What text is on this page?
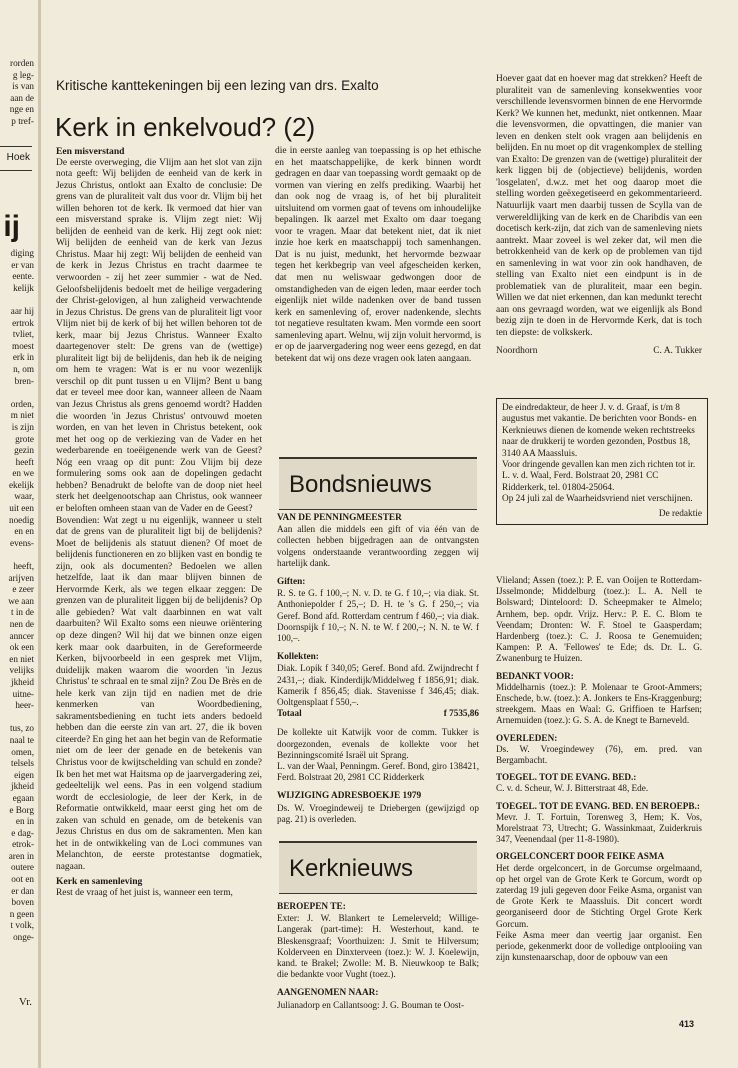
rorden
g leg-
is van
aan de
nge en
p tref-
Hoek
ij
diging
er van
eente.
kelijk

aar hij
ertrok
tvliet,
moest
erk in
n, om
bren-

orden,
m niet
is zijn
grote
gezin
heeft
en we
ekelijk
waar,
uit een
noedig
en en
evens-

heeft,
arijven
e zeer
we aan
t in de
nen de
anncer
ok een
en niet
velijks
jkheid
uitne-
heer-

tus, zo
naal te
omen,
telsels
eigen
jkheid
egaan
e Borg
en in
e dag-
etrok-
aren in
outere
oot en
er dan
boven
n geen
t volk,
onge-
Vr.
Kritische kanttekeningen bij een lezing van drs. Exalto
Kerk in enkelvoud? (2)

Een misverstand

De eerste overweging, die Vlijm aan het slot van zijn nota geeft: Wij belijden de eenheid van de kerk in Jezus Christus, ontlokt aan Exalto de conclusie: De grens van de pluraliteit valt dus voor dr. Vlijm bij het willen behoren tot de kerk. Ik vermoed dat hier van een misverstand sprake is. Vlijm zegt niet: Wij belijden de eenheid van de kerk. Hij zegt ook niet: Wij belijden de eenheid van de kerk van Jezus Christus. Maar hij zegt: Wij belijden de eenheid van de kerk in Jezus Christus en tracht daarmee te verwoorden - zij het zeer summier - wat de Ned. Geloofsbelijdenis bedoelt met de heilige vergadering der Christ-gelovigen, al hun zaligheid verwachtende in Jezus Christus. De grens van de pluraliteit ligt voor Vlijm niet bij de kerk of bij het willen behoren tot de kerk, maar bij Jezus Christus. Wanneer Exalto daartegenover stelt: De grens van de (wettige) pluraliteit ligt bij de belijdenis, dan heb ik de neiging om hem te vragen: Wat is er nu voor wezenlijk verschil op dit punt tussen u en Vlijm? Bent u bang dat er teveel mee door kan, wanneer alleen de Naam van Jezus Christus als grens genoemd wordt? Hadden die woorden 'in Jezus Christus' ontvouwd moeten worden, en van het leven in Christus betekent, ook met het oog op de verkiezing van de Vader en het wederbarende en toeëigenende werk van de Geest? Nóg een vraag op dit punt: Zou Vlijm bij deze formulering soms ook aan de dopelingen gedacht hebben? Benadrukt de belofte van de doop niet heel sterk het deelgenootschap aan Christus, ook wanneer er beloften omheen staan van de Vader en de Geest?

Bovendien: Wat zegt u nu eigenlijk, wanneer u stelt dat de grens van de pluraliteit ligt bij de belijdenis? Moet de belijdenis als statuut dienen? Of moet de belijdenis functioneren en zo blijken vast en bondig te zijn, ook als documenten? Bedoelen we allen hetzelfde, laat ik dan maar blijven binnen de Hervormde Kerk, als we tegen elkaar zeggen: De grenzen van de pluraliteit liggen bij de belijdenis? Op alle gebieden? Wat valt daarbinnen en wat valt daarbuiten? Wil Exalto soms een nieuwe oriëntering op deze dingen? Wil hij dat we binnen onze eigen kerk maar ook daarbuiten, in de Gereformeerde Kerken, bijvoorbeeld in een gesprek met Vlijm, duidelijk maken waarom die woorden 'in Jezus Christus' te schraal en te smal zijn? Zou De Brès en de hele kerk van zijn tijd en nadien met de drie kenmerken van Woordbediening, sakramentsbediening en tucht iets anders bedoeld hebben dan die eerste zin van art. 27, die ik boven citeerde? En ging het aan het begin van de Reformatie niet om de leer der genade en de betekenis van Christus voor de kwijtschelding van schuld en zonde? Ik ben het met wat Haitsma op de jaarvergadering zei, gedeeltelijk wel eens. Pas in een volgend stadium wordt de ecclesiologie, de leer der Kerk, in de Reformatie ontwikkeld, maar eerst ging het om de zaken van schuld en genade, om de betekenis van Jezus Christus en dus om de sakramenten. Men kan het in de ontwikkeling van de Loci communes van Melanchton, de eerste protestantse dogmatiek, nagaan.

Kerk en samenleving

Rest de vraag of het juist is, wanneer een term,

die in eerste aanleg van toepassing is op het ethische en het maatschappelijke, de kerk binnen wordt gedragen en daar van toepassing wordt gemaakt op de vormen van viering en zelfs prediking. Waarbij het dan ook nog de vraag is, of het bij pluraliteit uitsluitend om vormen gaat of tevens om inhoudelijke bepalingen. Ik aarzel met Exalto om daar toegang voor te vragen. Maar dat betekent niet, dat ik niet inzie hoe kerk en maatschappij toch samenhangen. Dat is nu juist, medunkt, het hervormde bezwaar tegen het kerkbegrip van veel afgescheiden kerken, dat men nu weliswaar gedwongen door de omstandigheden van de eigen leden, maar eerder toch eigenlijk niet wilde nadenken over de band tussen kerk en samenleving of, erover nadenkende, slechts tot negatieve resultaten kwam. Men vormde een soort samenleving apart. Welnu, wij zijn voluit hervormd, is er op de jaarvergadering nog weer eens gezegd, en dat betekent dat wij ons deze vragen ook laten aangaan.

Hoever gaat dat en hoever mag dat strekken? Heeft de pluraliteit van de samenleving konsekwenties voor verschillende levensvormen binnen de ene Hervormde Kerk? We kunnen het, medunkt, niet ontkennen. Maar die levensvormen, die opvattingen, die manier van leven en denken stelt ook vragen aan belijdenis en belijden. En nu moet op dit vragenkomplex de stelling van Exalto: De grenzen van de (wettige) pluraliteit der kerk liggen bij de (objectieve) belijdenis, worden 'losgelaten', d.w.z. met het oog daarop moet die stelling worden geëxegetiseerd en gekommentarieerd. Natuurlijk vaart men daarbij tussen de Scylla van de verwereldlijking van de kerk en de Charibdis van een docetisch kerk-zijn, dat zich van de samenleving niets aantrekt. Maar zoveel is wel zeker dat, wil men die betrokkenheid van de kerk op de problemen van tijd en samenleving in wat voor zin ook handhaven, de stelling van Exalto niet een eindpunt is in de problematiek van de pluraliteit, maar een begin. Willen we dat niet erkennen, dan kan medunkt terecht aan ons gevraagd worden, wat we eigenlijk als Bond bezig zijn te doen in de Hervormde Kerk, dat is toch ten diepste: de volkskerk.

Noordhorn	C. A. Tukker

De eindredakteur, de heer J. v. d. Graaf, is t/m 8 augustus met vakantie. De berichten voor Bonds- en Kerknieuws dienen de komende weken rechtstreeks naar de drukkerij te worden gezonden, Postbus 18, 3140 AA Maassluis.

Voor dringende gevallen kan men zich richten tot ir. L. v. d. Waal, Ferd. Bolstraat 20, 2981 CC Ridderkerk, tel. 01804-25064.

Op 24 juli zal de Waarheidsvriend niet verschijnen.

De redaktie
Bondsnieuws

VAN DE PENNINGMEESTER

Aan allen die middels een gift of via één van de collecten hebben bijgedragen aan de ontvangsten volgens onderstaande verantwoording zeggen wij hartelijk dank.

Giften:

R. S. te G. f 100,–; N. v. D. te G. f 10,–; via diak. St. Anthoniepolder f 25,–; D. H. te 's G. f 250,–; via Geref. Bond afd. Rotterdam centrum f 460,–; via diak. Doornspijk f 10,–; N. N. te W. f 200,–; N. N. te W. f 100,–.

Kollekten:

Diak. Lopik f 340,05; Geref. Bond afd. Zwijndrecht f 2431,–; diak. Kinderdijk/Middelweg f 1856,91; diak. Kamerik f 856,45; diak. Stavenisse f 346,45; diak. Ooltgensplaat f 550,–.

Totaal	f 7535,86

De kollekte uit Katwijk voor de comm. Tukker is doorgezonden, evenals de kollekte voor het Bezinningscomité Israël uit Sprang.

L. van der Waal, Penningm. Geref. Bond, giro 138421, Ferd. Bolstraat 20, 2981 CC Ridderkerk

WIJZIGING ADRESBOEKJE 1979

Ds. W. Vroegindeweij te Driebergen (gewijzigd op pag. 21) is overleden.

Kerknieuws

BEROEPEN TE:

Exter: J. W. Blankert te Lemelerveld; Willige-Langerak (part-time): H. Westerhout, kand. te Bleskensgraaf; Voorthuizen: J. Smit te Hilversum; Kolderveen en Dinxterveen (toez.): W. J. Koelewijn, kand. te Brakel; Zwolle: M. B. Nieuwkoop te Balk; die bedankte voor Vught (toez.).

AANGENOMEN NAAR:

Julianadorp en Callantsoog: J. G. Bouman te Oost-

Vlieland; Assen (toez.): P. E. van Ooijen te Rotterdam-IJsselmonde; Middelburg (toez.): L. A. Nell te Bolsward; Dinteloord: D. Scheepmaker te Almelo; Arnhem, bep. opdr. Vrijz. Herv.: P. E. C. Blom te Veendam; Dronten: W. F. Stoel te Gaasperdam; Hardenberg (toez.): C. J. Roosa te Genemuiden; Kampen: P. A. 'Fellowes' te Ede; ds. Dr. L. G. Zwanenburg te Huizen.

BEDANKT VOOR:

Middelharnis (toez.): P. Molenaar te Groot-Ammers; Enschede, b.w. (toez.): A. Jonkers te Ens-Kraggenburg; streekgem. Maas en Waal: G. Griffioen te Harfsen; Arnemuiden (toez.): G. S. A. de Knegt te Barneveld.

OVERLEDEN:

Ds. W. Vroegindewey (76), em. pred. van Bergambacht.

TOEGEL. TOT DE EVANG. BED.:

C. v. d. Scheur, W. J. Bitterstraat 48, Ede.

TOEGEL. TOT DE EVANG. BED. EN BEROEPB.:

Mevr. J. T. Fortuin, Torenweg 3, Hem; K. Vos, Morelstraat 73, Utrecht; G. Wassinkmaat, Zuiderkruis 347, Veenendaal (per 11-8-1980).

ORGELCONCERT DOOR FEIKE ASMA

Het derde orgelconcert, in de Gorcumse orgelmaand, op het orgel van de Grote Kerk te Gorcum, wordt op zaterdag 19 juli gegeven door Feike Asma, organist van de Grote Kerk te Maassluis. Dit concert wordt georganiseerd door de Stichting Orgel Grote Kerk Gorcum.

Feike Asma meer dan veertig jaar organist. Een periode, gekenmerkt door de volledige ontplooiing van zijn kunstenaarschap, door de opbouw van een

413
